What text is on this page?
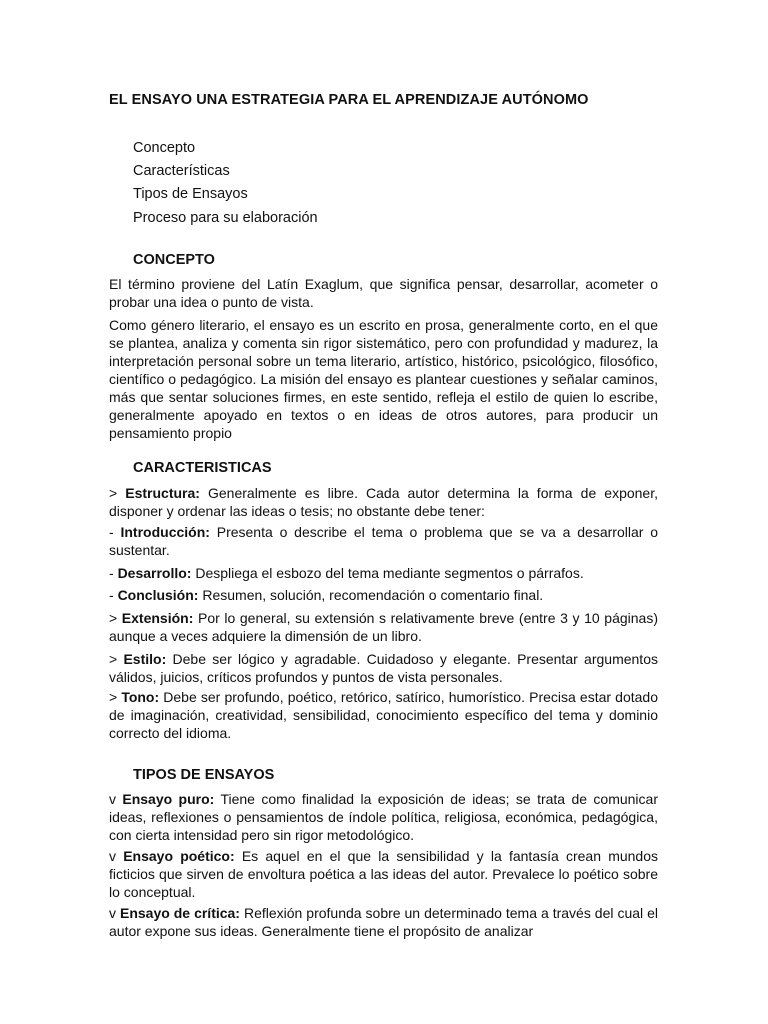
EL ENSAYO UNA ESTRATEGIA PARA EL APRENDIZAJE AUTÓNOMO
Concepto
Características
Tipos de Ensayos
Proceso para su elaboración
CONCEPTO

El término proviene del Latín Exaglum, que significa pensar, desarrollar, acometer o probar una idea o punto de vista.

Como género literario, el ensayo es un escrito en prosa, generalmente corto, en el que se plantea, analiza y comenta sin rigor sistemático, pero con profundidad y madurez, la interpretación personal sobre un tema literario, artístico, histórico, psicológico, filosófico, científico o pedagógico. La misión del ensayo es plantear cuestiones y señalar caminos, más que sentar soluciones firmes, en este sentido, refleja el estilo de quien lo escribe, generalmente apoyado en textos o en ideas de otros autores, para producir un pensamiento propio

CARACTERISTICAS

> Estructura: Generalmente es libre. Cada autor determina la forma de exponer, disponer y ordenar las ideas o tesis; no obstante debe tener:

- Introducción: Presenta o describe el tema o problema que se va a desarrollar o sustentar.

- Desarrollo: Despliega el esbozo del tema mediante segmentos o párrafos.

- Conclusión: Resumen, solución, recomendación o comentario final.

> Extensión: Por lo general, su extensión s relativamente breve (entre 3 y 10 páginas) aunque a veces adquiere la dimensión de un libro.

> Estilo: Debe ser lógico y agradable. Cuidadoso y elegante. Presentar argumentos válidos, juicios, críticos profundos y puntos de vista personales.

> Tono: Debe ser profundo, poético, retórico, satírico, humorístico. Precisa estar dotado de imaginación, creatividad, sensibilidad, conocimiento específico del tema y dominio correcto del idioma.

TIPOS DE ENSAYOS

v Ensayo puro: Tiene como finalidad la exposición de ideas; se trata de comunicar ideas, reflexiones o pensamientos de índole política, religiosa, económica, pedagógica, con cierta intensidad pero sin rigor metodológico.

v Ensayo poético: Es aquel en el que la sensibilidad y la fantasía crean mundos ficticios que sirven de envoltura poética a las ideas del autor. Prevalece lo poético sobre lo conceptual.

v Ensayo de crítica: Reflexión profunda sobre un determinado tema a través del cual el autor expone sus ideas. Generalmente tiene el propósito de analizar
